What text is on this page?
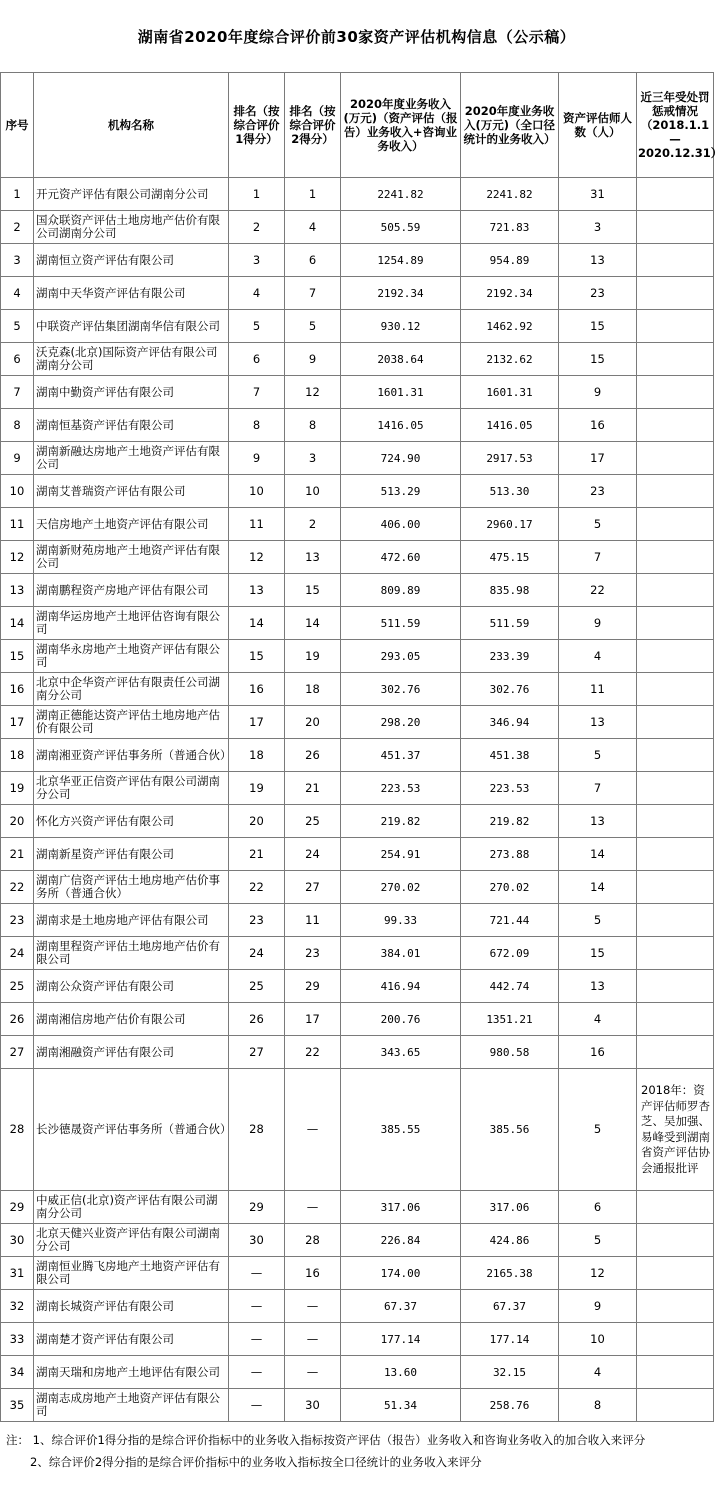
湖南省2020年度综合评价前30家资产评估机构信息（公示稿）
序号	机构名称	排名（按综合评价1得分）	排名（按综合评价2得分）	2020年度业务收入(万元)（资产评估（报告）业务收入+咨询业务收入）	2020年度业务收入(万元)（全口径统计的业务收入）	资产评估师人数（人）	近三年受处罚惩戒情况（2018.1.1—2020.12.31）
1	开元资产评估有限公司湖南分公司	1	1	2241.82	2241.82	31	
2	国众联资产评估土地房地产估价有限公司湖南分公司	2	4	505.59	721.83	3	
3	湖南恒立资产评估有限公司	3	6	1254.89	954.89	13	
4	湖南中天华资产评估有限公司	4	7	2192.34	2192.34	23	
5	中联资产评估集团湖南华信有限公司	5	5	930.12	1462.92	15	
6	沃克森(北京)国际资产评估有限公司湖南分公司	6	9	2038.64	2132.62	15	
7	湖南中勤资产评估有限公司	7	12	1601.31	1601.31	9	
8	湖南恒基资产评估有限公司	8	8	1416.05	1416.05	16	
9	湖南新融达房地产土地资产评估有限公司	9	3	724.90	2917.53	17	
10	湖南艾普瑞资产评估有限公司	10	10	513.29	513.30	23	
11	天信房地产土地资产评估有限公司	11	2	406.00	2960.17	5	
12	湖南新财苑房地产土地资产评估有限公司	12	13	472.60	475.15	7	
13	湖南鹏程资产房地产评估有限公司	13	15	809.89	835.98	22	
14	湖南华运房地产土地评估咨询有限公司	14	14	511.59	511.59	9	
15	湖南华永房地产土地资产评估有限公司	15	19	293.05	233.39	4	
16	北京中企华资产评估有限责任公司湖南分公司	16	18	302.76	302.76	11	
17	湖南正德能达资产评估土地房地产估价有限公司	17	20	298.20	346.94	13	
18	湖南湘亚资产评估事务所（普通合伙）	18	26	451.37	451.38	5	
19	北京华亚正信资产评估有限公司湖南分公司	19	21	223.53	223.53	7	
20	怀化方兴资产评估有限公司	20	25	219.82	219.82	13	
21	湖南新星资产评估有限公司	21	24	254.91	273.88	14	
22	湖南广信资产评估土地房地产估价事务所（普通合伙）	22	27	270.02	270.02	14	
23	湖南求是土地房地产评估有限公司	23	11	99.33	721.44	5	
24	湖南里程资产评估土地房地产估价有限公司	24	23	384.01	672.09	15	
25	湖南公众资产评估有限公司	25	29	416.94	442.74	13	
26	湖南湘信房地产估价有限公司	26	17	200.76	1351.21	4	
27	湖南湘融资产评估有限公司	27	22	343.65	980.58	16	
28	长沙德晟资产评估事务所（普通合伙）	28	—	385.55	385.56	5	2018年：资产评估师罗杏芝、吴加强、易峰受到湖南省资产评估协会通报批评
29	中威正信(北京)资产评估有限公司湖南分公司	29	—	317.06	317.06	6	
30	北京天健兴业资产评估有限公司湖南分公司	30	28	226.84	424.86	5	
31	湖南恒业腾飞房地产土地资产评估有限公司	—	16	174.00	2165.38	12	
32	湖南长城资产评估有限公司	—	—	67.37	67.37	9	
33	湖南楚才资产评估有限公司	—	—	177.14	177.14	10	
34	湖南天瑞和房地产土地评估有限公司	—	—	13.60	32.15	4	
35	湖南志成房地产土地资产评估有限公司	—	30	51.34	258.76	8	
注： 1、综合评价1得分指的是综合评价指标中的业务收入指标按资产评估（报告）业务收入和咨询业务收入的加合收入来评分
2、综合评价2得分指的是综合评价指标中的业务收入指标按全口径统计的业务收入来评分
